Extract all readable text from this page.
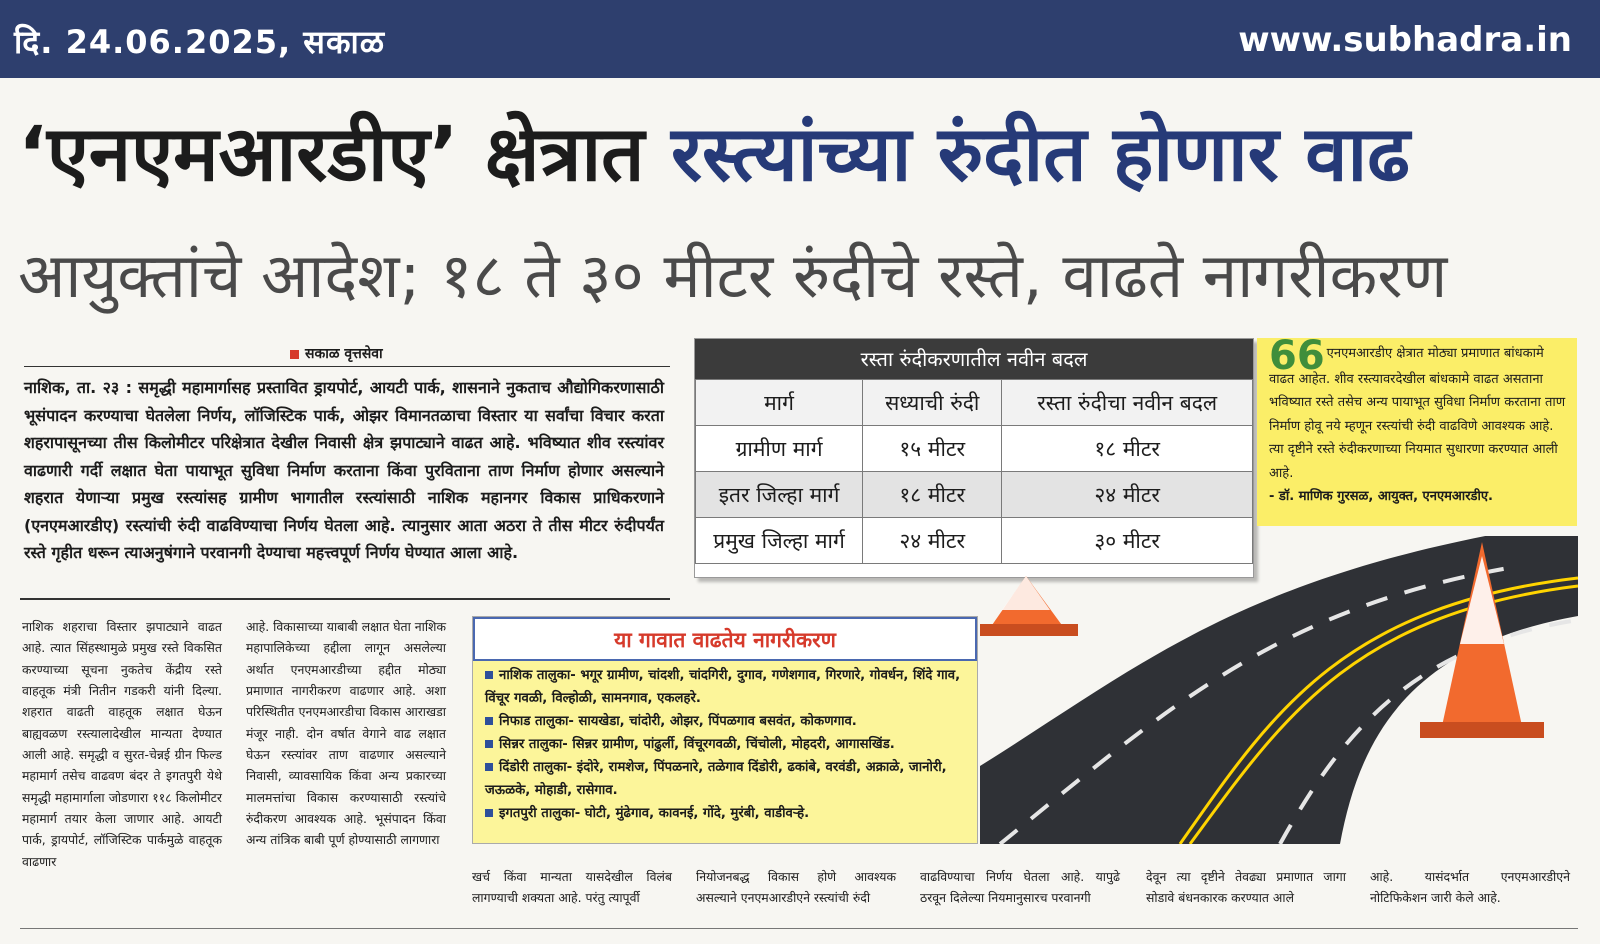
दि. 24.06.2025, सकाळ	www.subhadra.in
‘एनएमआरडीए’ क्षेत्रात रस्त्यांच्या रुंदीत होणार वाढ
आयुक्तांचे आदेश; १८ ते ३० मीटर रुंदीचे रस्ते, वाढते नागरीकरण
सकाळ वृत्तसेवा
नाशिक, ता. २३ : समृद्धी महामार्गासह प्रस्तावित ड्रायपोर्ट, आयटी पार्क, शासनाने नुकताच औद्योगिकरणासाठी भूसंपादन करण्याचा घेतलेला निर्णय, लॉजिस्टिक पार्क, ओझर विमानतळाचा विस्तार या सर्वांचा विचार करता शहरापासूनच्या तीस किलोमीटर परिक्षेत्रात देखील निवासी क्षेत्र झपाट्याने वाढत आहे. भविष्यात शीव रस्त्यांवर वाढणारी गर्दी लक्षात घेता पायाभूत सुविधा निर्माण करताना किंवा पुरविताना ताण निर्माण होणार असल्याने शहरात येणाऱ्या प्रमुख रस्त्यांसह ग्रामीण भागातील रस्त्यांसाठी नाशिक महानगर विकास प्राधिकरणाने (एनएमआरडीए) रस्त्यांची रुंदी वाढविण्याचा निर्णय घेतला आहे. त्यानुसार आता अठरा ते तीस मीटर रुंदीपर्यंत रस्ते गृहीत धरून त्याअनुषंगाने परवानगी देण्याचा महत्त्वपूर्ण निर्णय घेण्यात आला आहे.
नाशिक शहराचा विस्तार झपाट्याने वाढत आहे. त्यात सिंहस्थामुळे प्रमुख रस्ते विकसित करण्याच्या सूचना नुकतेच केंद्रीय रस्ते वाहतूक मंत्री नितीन गडकरी यांनी दिल्या. शहरात वाढती वाहतूक लक्षात घेऊन बाह्यवळण रस्त्यालादेखील मान्यता देण्यात आली आहे. समृद्धी व सुरत-चेन्नई ग्रीन फिल्ड महामार्ग तसेच वाढवण बंदर ते इगतपुरी येथे समृद्धी महामार्गाला जोडणारा ११८ किलोमीटर महामार्ग तयार केला जाणार आहे. आयटी पार्क, ड्रायपोर्ट, लॉजिस्टिक पार्कमुळे वाहतूक वाढणार
आहे. विकासाच्या याबाबी लक्षात घेता नाशिक महापालिकेच्या हद्दीला लागून असलेल्या अर्थात एनएमआरडीच्या हद्दीत मोठ्या प्रमाणात नागरीकरण वाढणार आहे. अशा परिस्थितीत एनएमआरडीचा विकास आराखडा मंजूर नाही. दोन वर्षात वेगाने वाढ लक्षात घेऊन रस्त्यांवर ताण वाढणार असल्याने निवासी, व्यावसायिक किंवा अन्य प्रकारच्या मालमत्तांचा विकास करण्यासाठी रस्त्यांचे रुंदीकरण आवश्यक आहे. भूसंपादन किंवा अन्य तांत्रिक बाबी पूर्ण होण्यासाठी लागणारा
खर्च किंवा मान्यता यासदेखील विलंब लागण्याची शक्यता आहे. परंतु त्यापूर्वी
नियोजनबद्ध विकास होणे आवश्यक असल्याने एनएमआरडीएने रस्त्यांची रुंदी
वाढविण्याचा निर्णय घेतला आहे. यापुढे ठरवून दिलेल्या नियमानुसारच परवानगी
देवून त्या दृष्टीने तेवढ्या प्रमाणात जागा सोडावे बंधनकारक करण्यात आले
आहे. यासंदर्भात एनएमआरडीएने नोटिफिकेशन जारी केले आहे.
रस्ता रुंदीकरणातील नवीन बदल
मार्ग	सध्याची रुंदी	रस्ता रुंदीचा नवीन बदल
ग्रामीण मार्ग	१५ मीटर	१८ मीटर
इतर जिल्हा मार्ग	१८ मीटर	२४ मीटर
प्रमुख जिल्हा मार्ग	२४ मीटर	३० मीटर
66 एनएमआरडीए क्षेत्रात मोठ्या प्रमाणात बांधकामे वाढत आहेत. शीव रस्त्यावरदेखील बांधकामे वाढत असताना भविष्यात रस्ते तसेच अन्य पायाभूत सुविधा निर्माण करताना ताण निर्माण होवू नये म्हणून रस्त्यांची रुंदी वाढविणे आवश्यक आहे. त्या दृष्टीने रस्ते रुंदीकरणाच्या नियमात सुधारणा करण्यात आली आहे.
- डॉ. माणिक गुरसळ, आयुक्त, एनएमआरडीए.
या गावात वाढतेय नागरीकरण
नाशिक तालुका- भगूर ग्रामीण, चांदशी, चांदगिरी, दुगाव, गणेशगाव, गिरणारे, गोवर्धन, शिंदे गाव, विंचूर गवळी, विल्होळी, सामनगाव, एकलहरे.
निफाड तालुका- सायखेडा, चांदोरी, ओझर, पिंपळगाव बसवंत, कोकणगाव.
सिन्नर तालुका- सिन्नर ग्रामीण, पांढुर्ली, विंचूरगवळी, चिंचोली, मोहदरी, आगासखिंड.
दिंडोरी तालुका- इंदोरे, रामशेज, पिंपळनारे, तळेगाव दिंडोरी, ढकांबे, वरवंडी, अक्राळे, जानोरी, जऊळके, मोहाडी, रासेगाव.
इगतपुरी तालुका- घोटी, मुंढेगाव, कावनई, गोंदे, मुरंबी, वाडीवऱ्हे.
